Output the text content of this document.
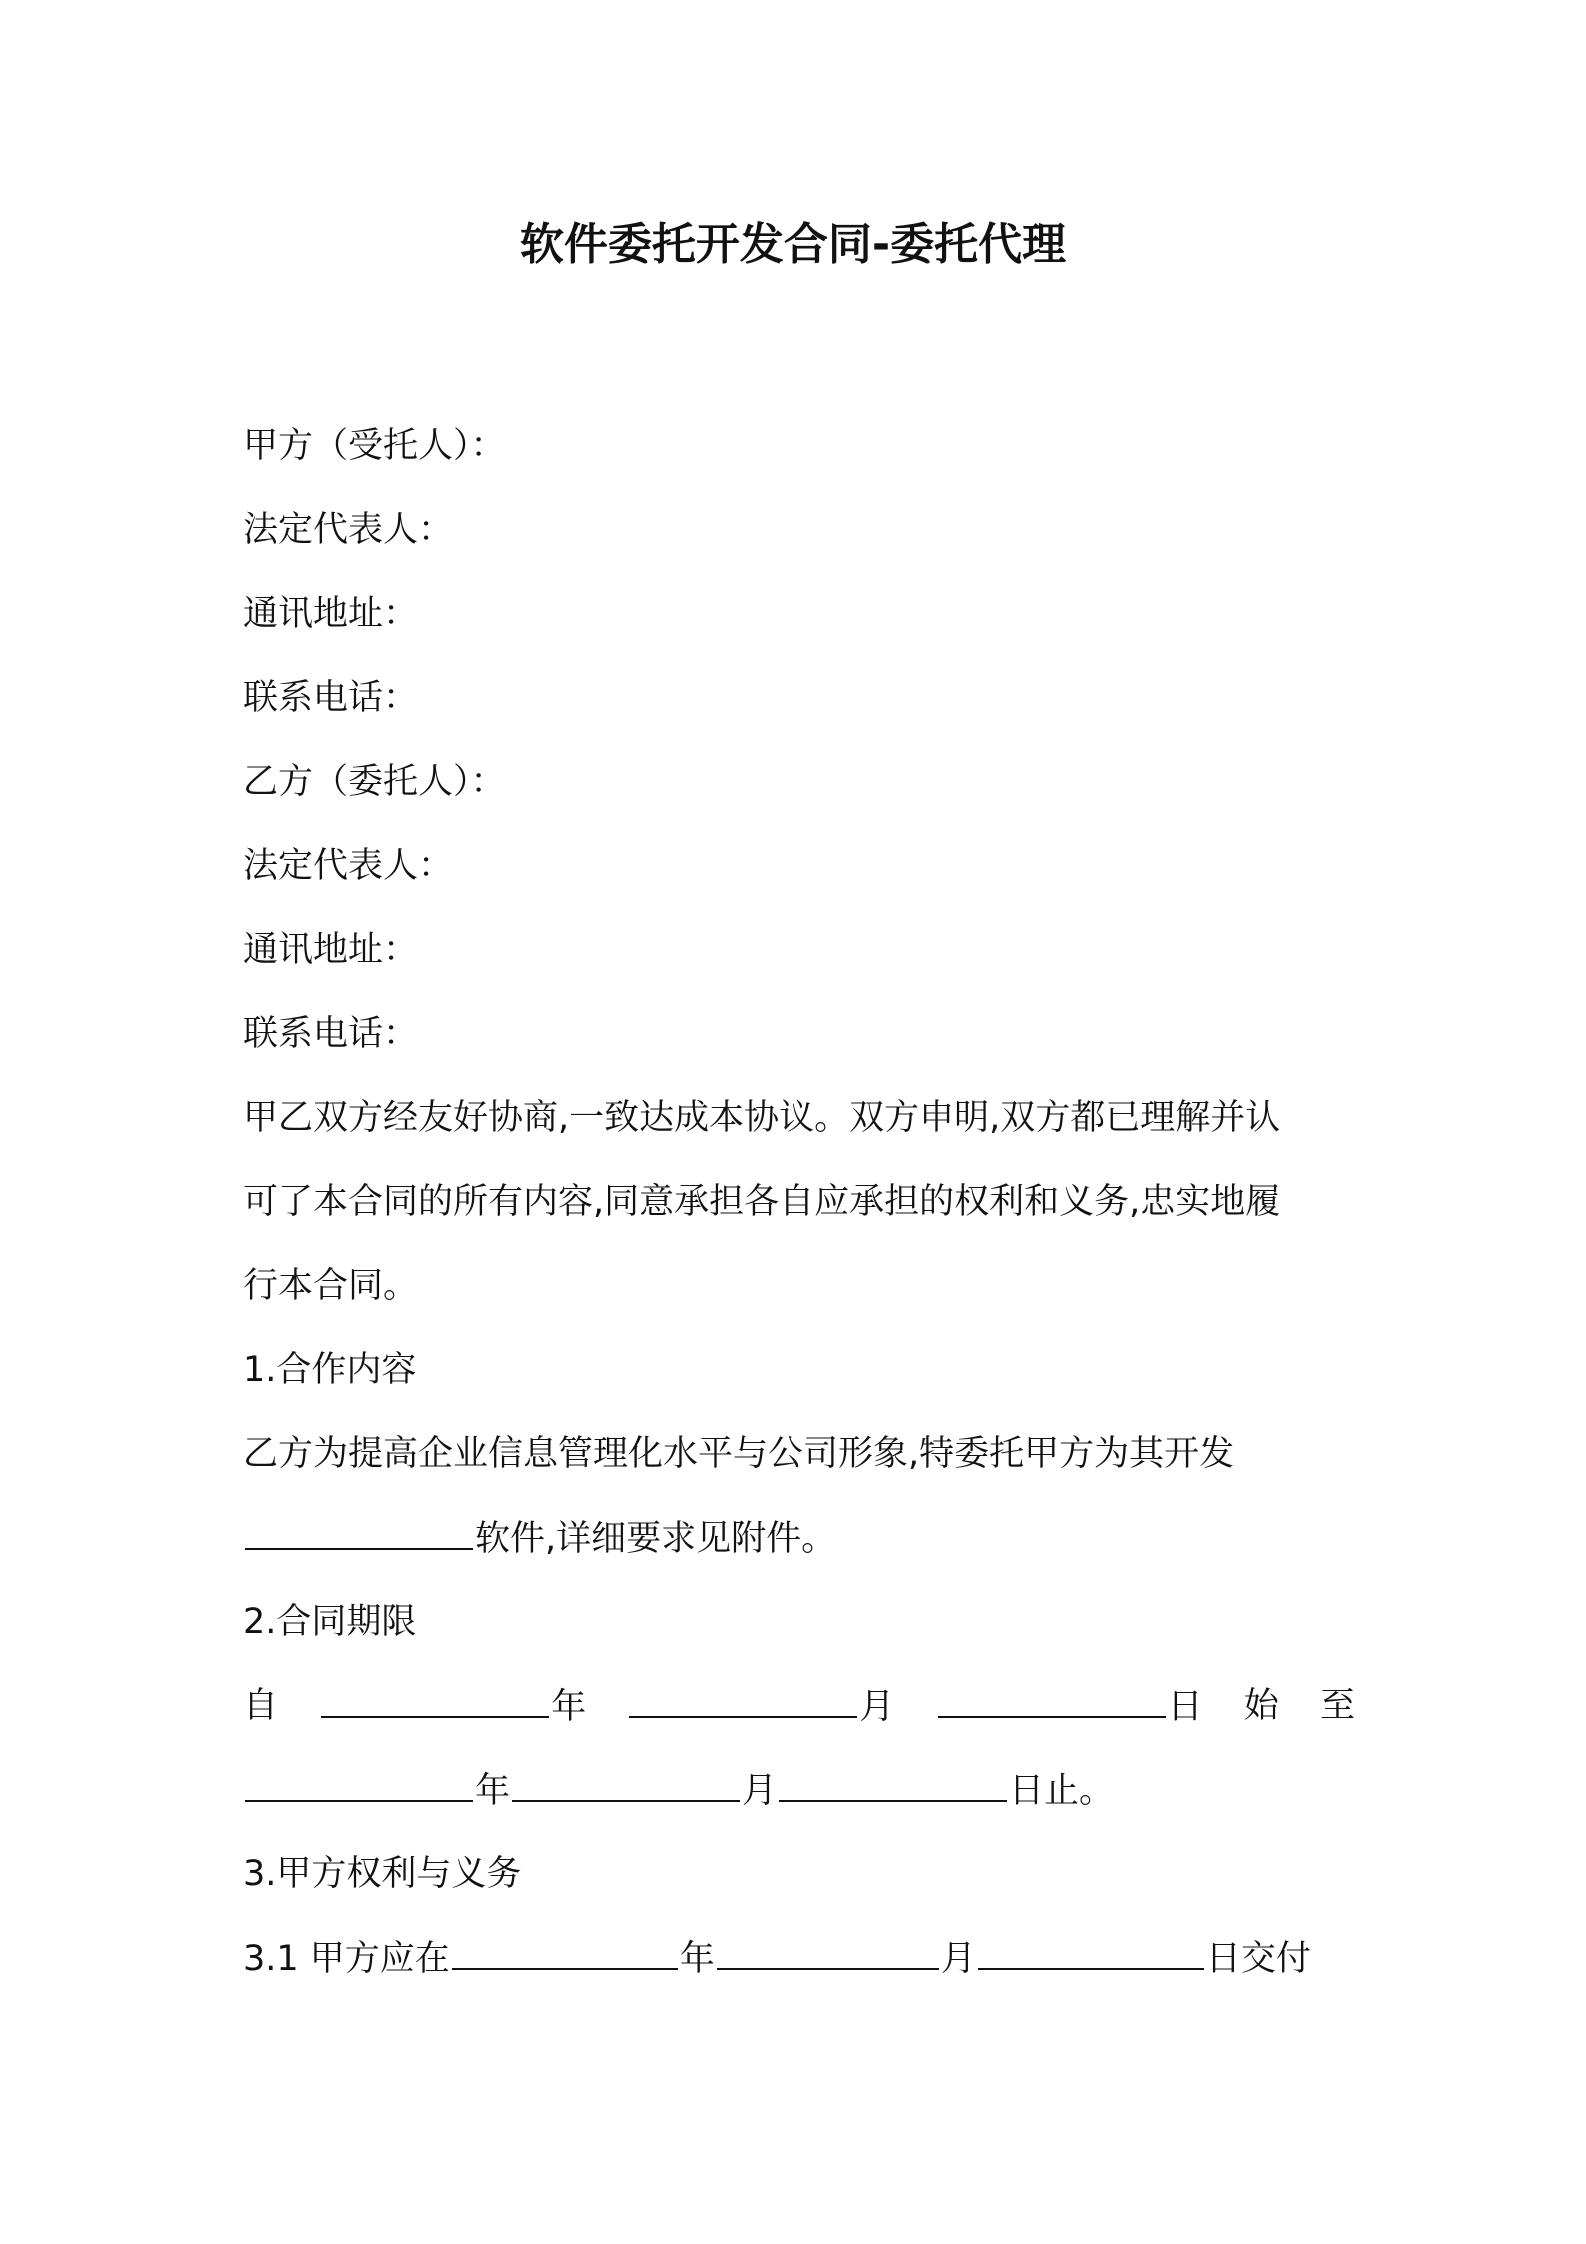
软件委托开发合同-委托代理
甲方（受托人）：
法定代表人：
通讯地址：
联系电话：
乙方（委托人）：
法定代表人：
通讯地址：
联系电话：
甲乙双方经友好协商,一致达成本协议。双方申明,双方都已理解并认
可了本合同的所有内容,同意承担各自应承担的权利和义务,忠实地履
行本合同。
1.合作内容
乙方为提高企业信息管理化水平与公司形象,特委托甲方为其开发
软件,详细要求见附件。
2.合同期限
自	年	月	日 始 至
年	月	日止。
3.甲方权利与义务
3.1 甲方应在	年	月	日交付
